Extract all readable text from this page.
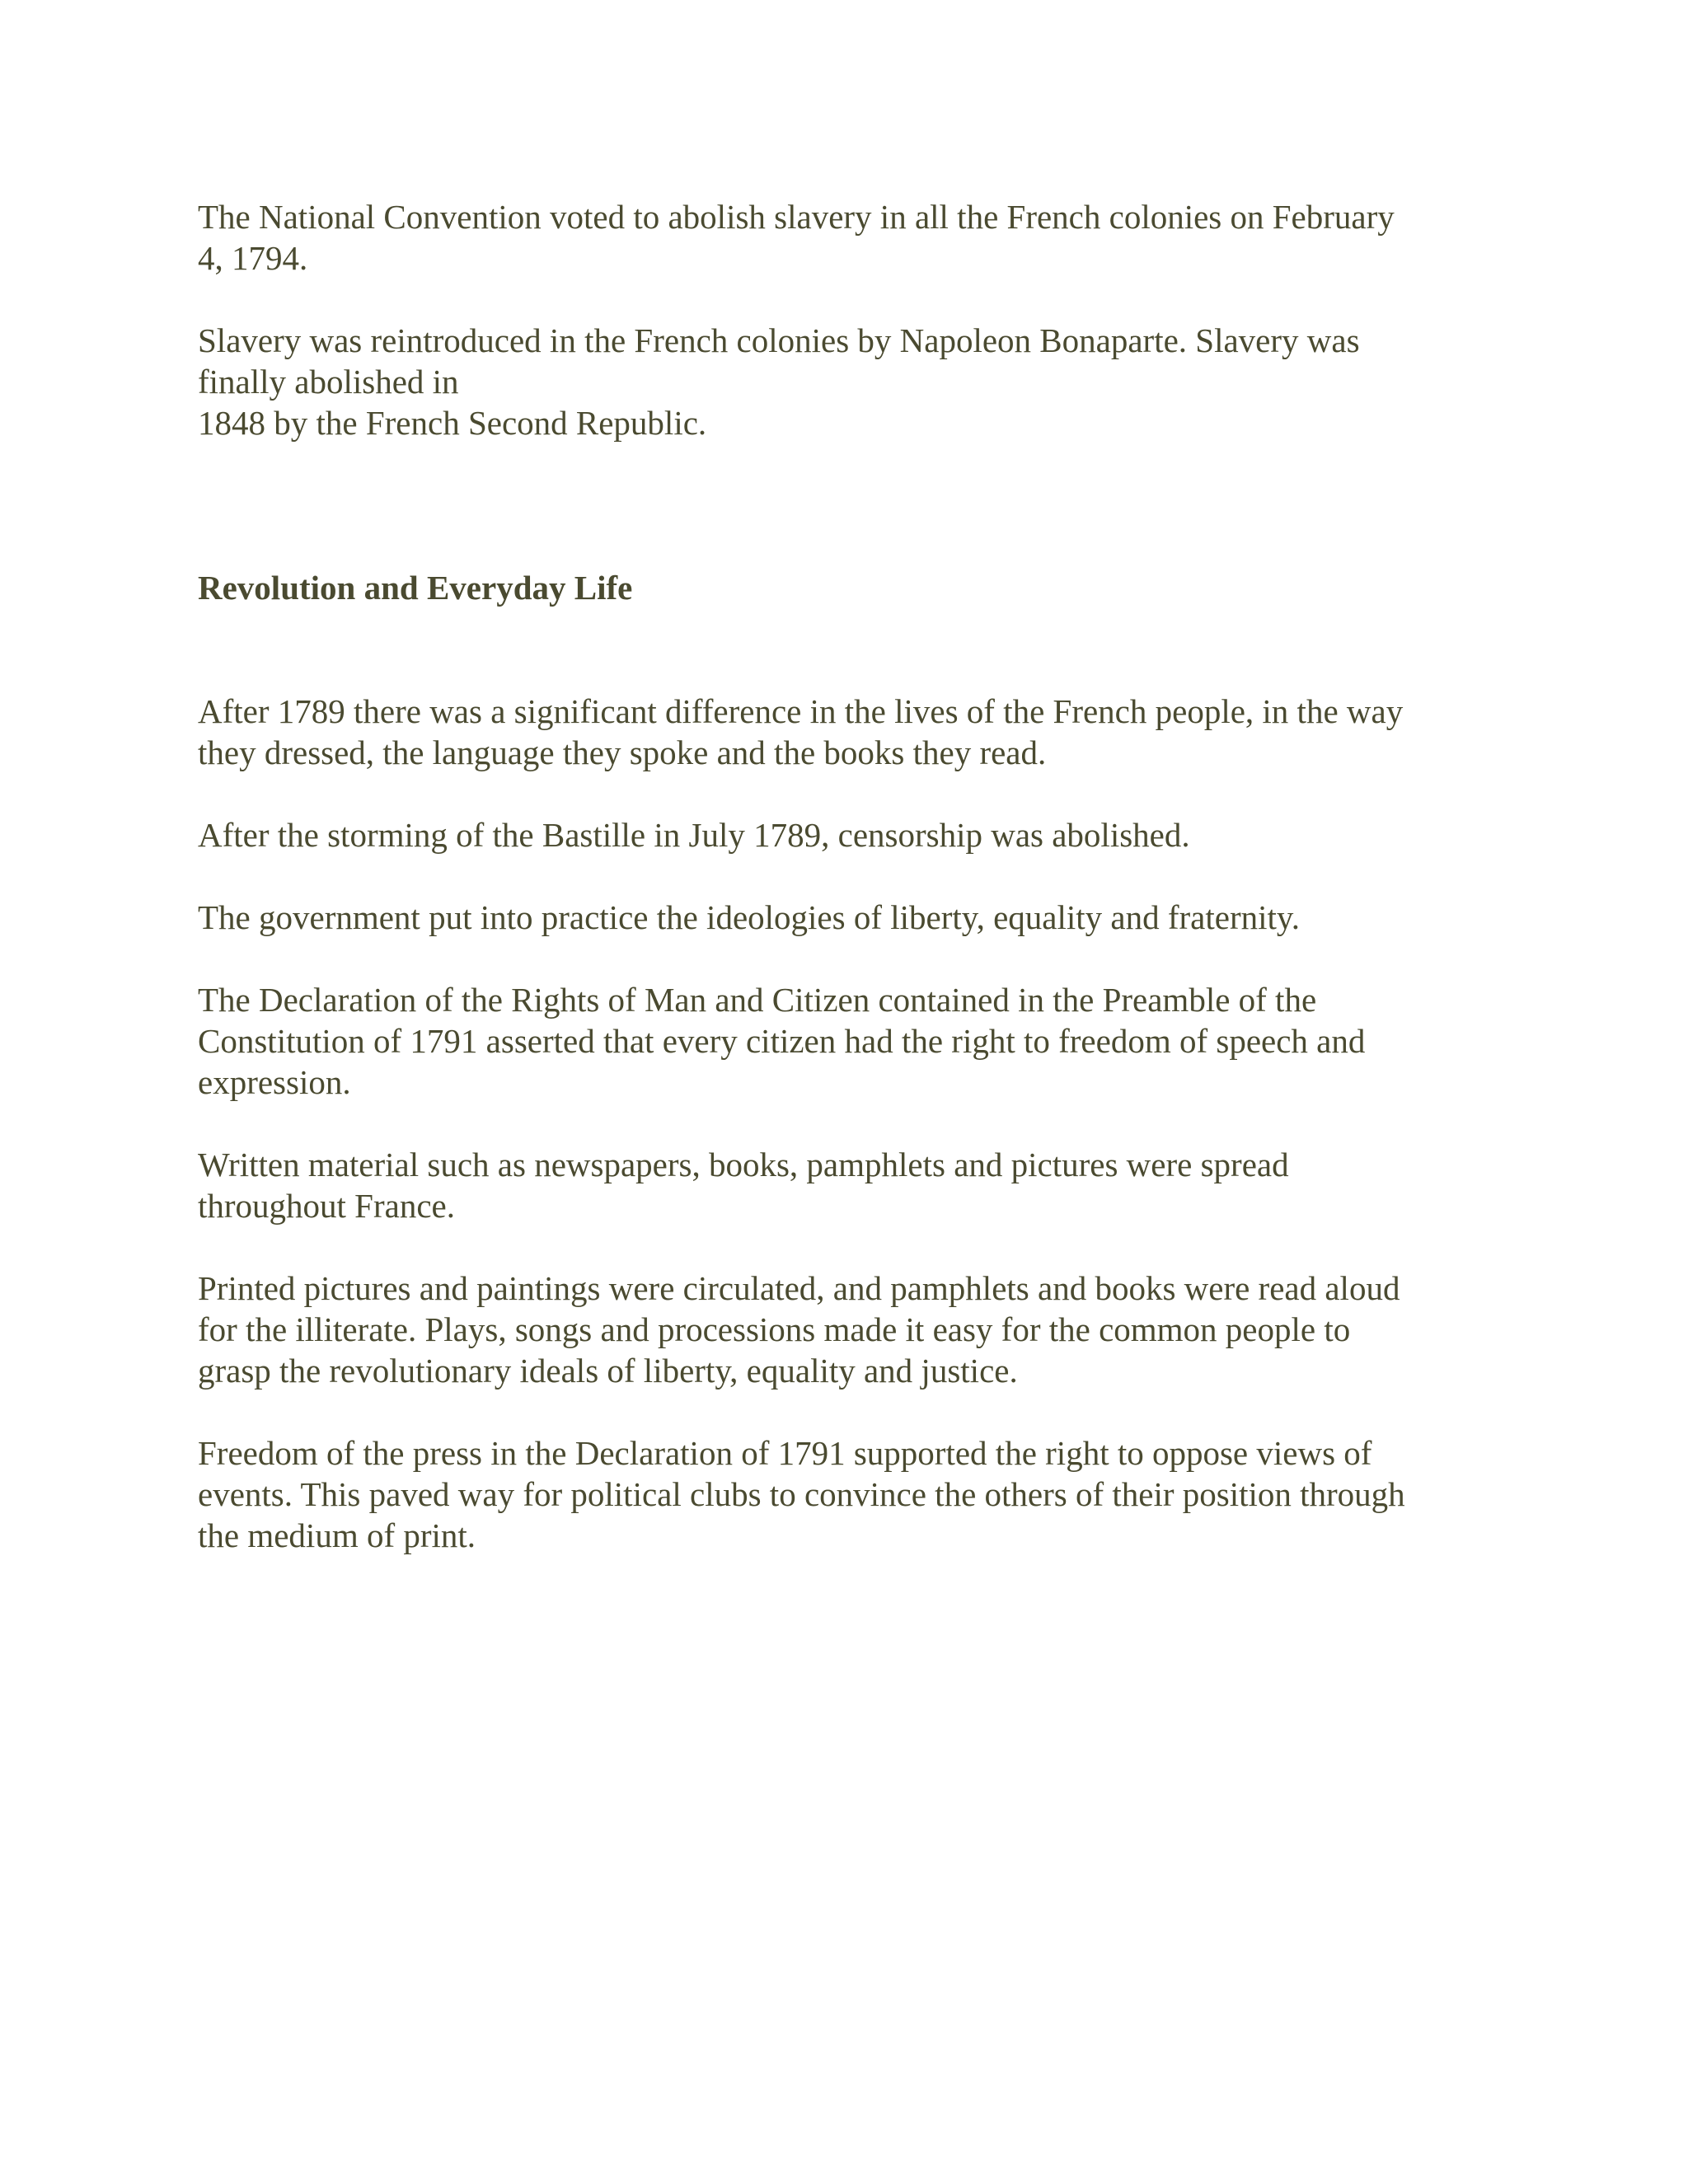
The National Convention voted to abolish slavery in all the French colonies on February
4, 1794.

Slavery was reintroduced in the French colonies by Napoleon Bonaparte. Slavery was
finally abolished in
1848 by the French Second Republic.

Revolution and Everyday Life

After 1789 there was a significant difference in the lives of the French people, in the way
they dressed, the language they spoke and the books they read.

After the storming of the Bastille in July 1789, censorship was abolished.

The government put into practice the ideologies of liberty, equality and fraternity.

The Declaration of the Rights of Man and Citizen contained in the Preamble of the
Constitution of 1791 asserted that every citizen had the right to freedom of speech and
expression.

Written material such as newspapers, books, pamphlets and pictures were spread
throughout France.

Printed pictures and paintings were circulated, and pamphlets and books were read aloud
for the illiterate. Plays, songs and processions made it easy for the common people to
grasp the revolutionary ideals of liberty, equality and justice.

Freedom of the press in the Declaration of 1791 supported the right to oppose views of
events. This paved way for political clubs to convince the others of their position through
the medium of print.
